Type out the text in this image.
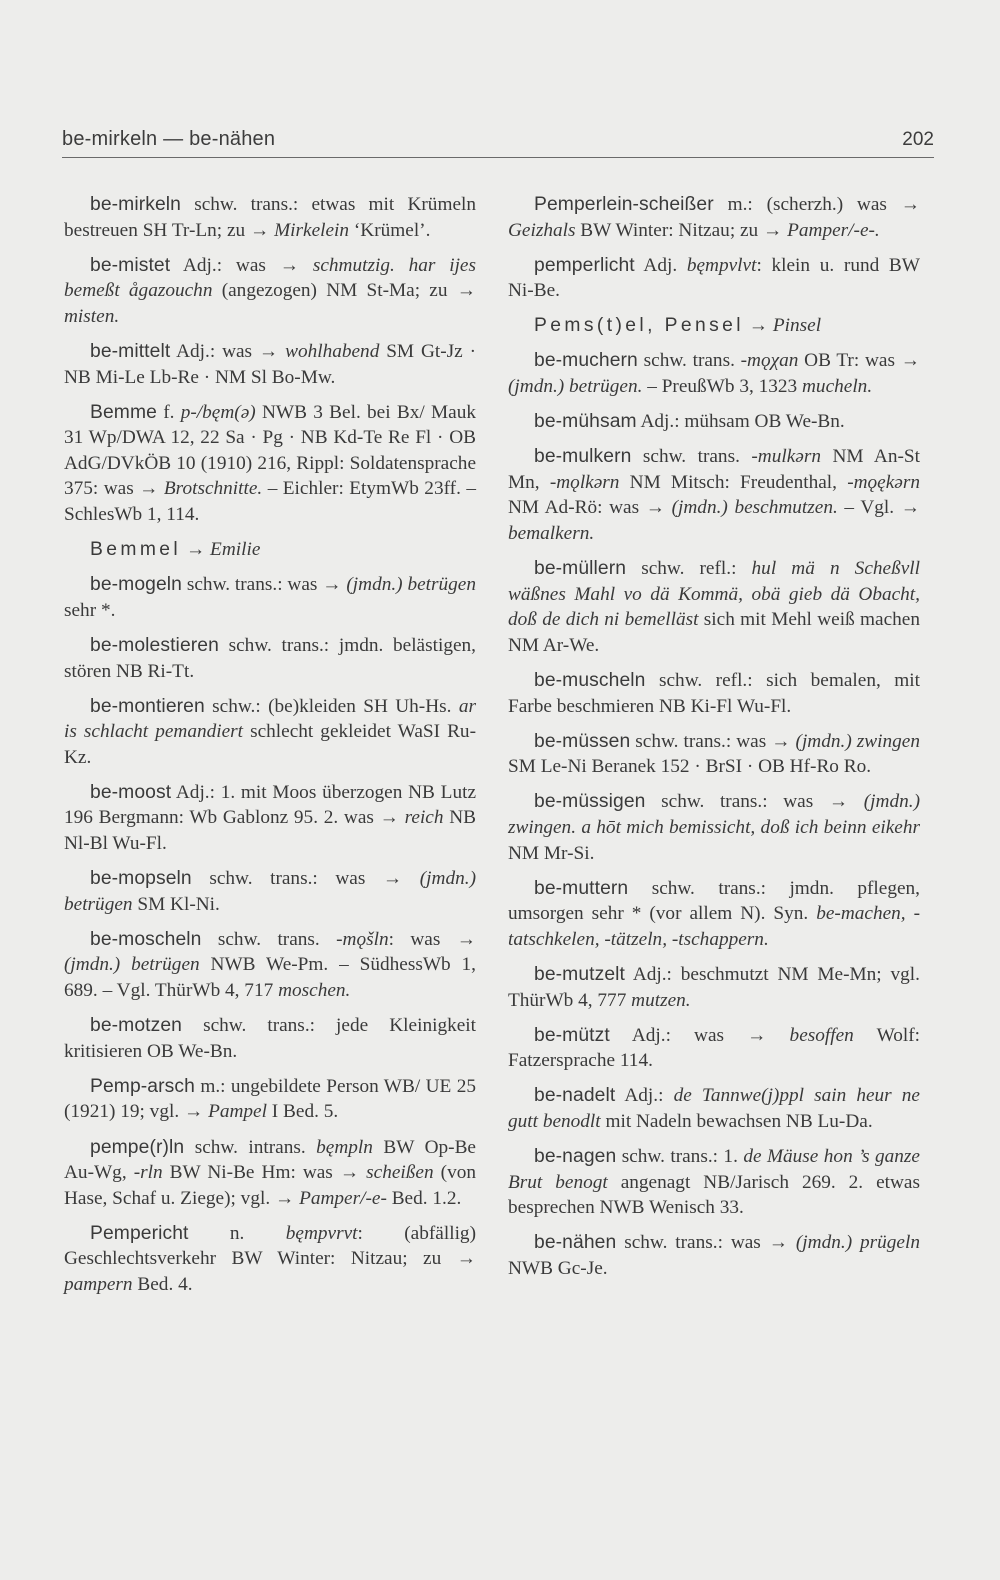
be-mirkeln — be-nähen	202

be-mirkeln schw. trans.: etwas mit Krümeln bestreuen SH Tr-Ln; zu → Mirkelein ‘Krümel’.

be-mistet Adj.: was → schmutzig. har ijes bemeßt ågazouchn (angezogen) NM St-Ma; zu → misten.

be-mittelt Adj.: was → wohlhabend SM Gt-Jz · NB Mi-Le Lb-Re · NM Sl Bo-Mw.

Bemme f. p-/bęm(ə) NWB 3 Bel. bei Bx/ Mauk 31 Wp/DWA 12, 22 Sa · Pg · NB Kd-Te Re Fl · OB AdG/DVkÖB 10 (1910) 216, Rippl: Soldatensprache 375: was → Brotschnitte. – Eichler: EtymWb 23ff. – SchlesWb 1, 114.

Bemmel → Emilie

be-mogeln schw. trans.: was → (jmdn.) betrügen sehr *.

be-molestieren schw. trans.: jmdn. belästigen, stören NB Ri-Tt.

be-montieren schw.: (be)kleiden SH Uh-Hs. ar is schlacht pemandiert schlecht gekleidet WaSI Ru-Kz.

be-moost Adj.: 1. mit Moos überzogen NB Lutz 196 Bergmann: Wb Gablonz 95. 2. was → reich NB Nl-Bl Wu-Fl.

be-mopseln schw. trans.: was → (jmdn.) betrügen SM Kl-Ni.

be-moscheln schw. trans. -mǫšln: was → (jmdn.) betrügen NWB We-Pm. – SüdhessWb 1, 689. – Vgl. ThürWb 4, 717 moschen.

be-motzen schw. trans.: jede Kleinigkeit kritisieren OB We-Bn.

Pemp-arsch m.: ungebildete Person WB/ UE 25 (1921) 19; vgl. → Pampel I Bed. 5.

pempe(r)ln schw. intrans. bęmpln BW Op-Be Au-Wg, -rln BW Ni-Be Hm: was → scheißen (von Hase, Schaf u. Ziege); vgl. → Pamper/-e- Bed. 1.2.

Pempericht n. bęmpvrvt: (abfällig) Geschlechtsverkehr BW Winter: Nitzau; zu → pampern Bed. 4.

Pemperlein-scheißer m.: (scherzh.) was → Geizhals BW Winter: Nitzau; zu → Pamper/-e-.

pemperlicht Adj. bęmpvlvt: klein u. rund BW Ni-Be.

Pems(t)el, Pensel → Pinsel

be-muchern schw. trans. -mǫχan OB Tr: was → (jmdn.) betrügen. – PreußWb 3, 1323 mucheln.

be-mühsam Adj.: mühsam OB We-Bn.

be-mulkern schw. trans. -mulkərn NM An-St Mn, -mǫlkərn NM Mitsch: Freudenthal, -mǫękərn NM Ad-Rö: was → (jmdn.) beschmutzen. – Vgl. → bemalkern.

be-müllern schw. refl.: hul mä n Scheßvll wäßnes Mahl vo dä Kommä, obä gieb dä Obacht, doß de dich ni bemelläst sich mit Mehl weiß machen NM Ar-We.

be-muscheln schw. refl.: sich bemalen, mit Farbe beschmieren NB Ki-Fl Wu-Fl.

be-müssen schw. trans.: was → (jmdn.) zwingen SM Le-Ni Beranek 152 · BrSI · OB Hf-Ro Ro.

be-müssigen schw. trans.: was → (jmdn.) zwingen. a hōt mich bemissicht, doß ich beinn eikehr NM Mr-Si.

be-muttern schw. trans.: jmdn. pflegen, umsorgen sehr * (vor allem N). Syn. be-machen, -tatschkelen, -tätzeln, -tschappern.

be-mutzelt Adj.: beschmutzt NM Me-Mn; vgl. ThürWb 4, 777 mutzen.

be-mützt Adj.: was → besoffen Wolf: Fatzersprache 114.

be-nadelt Adj.: de Tannwe(j)ppl sain heur ne gutt benodlt mit Nadeln bewachsen NB Lu-Da.

be-nagen schw. trans.: 1. de Mäuse hon ’s ganze Brut benogt angenagt NB/Jarisch 269. 2. etwas besprechen NWB Wenisch 33.

be-nähen schw. trans.: was → (jmdn.) prügeln NWB Gc-Je.
